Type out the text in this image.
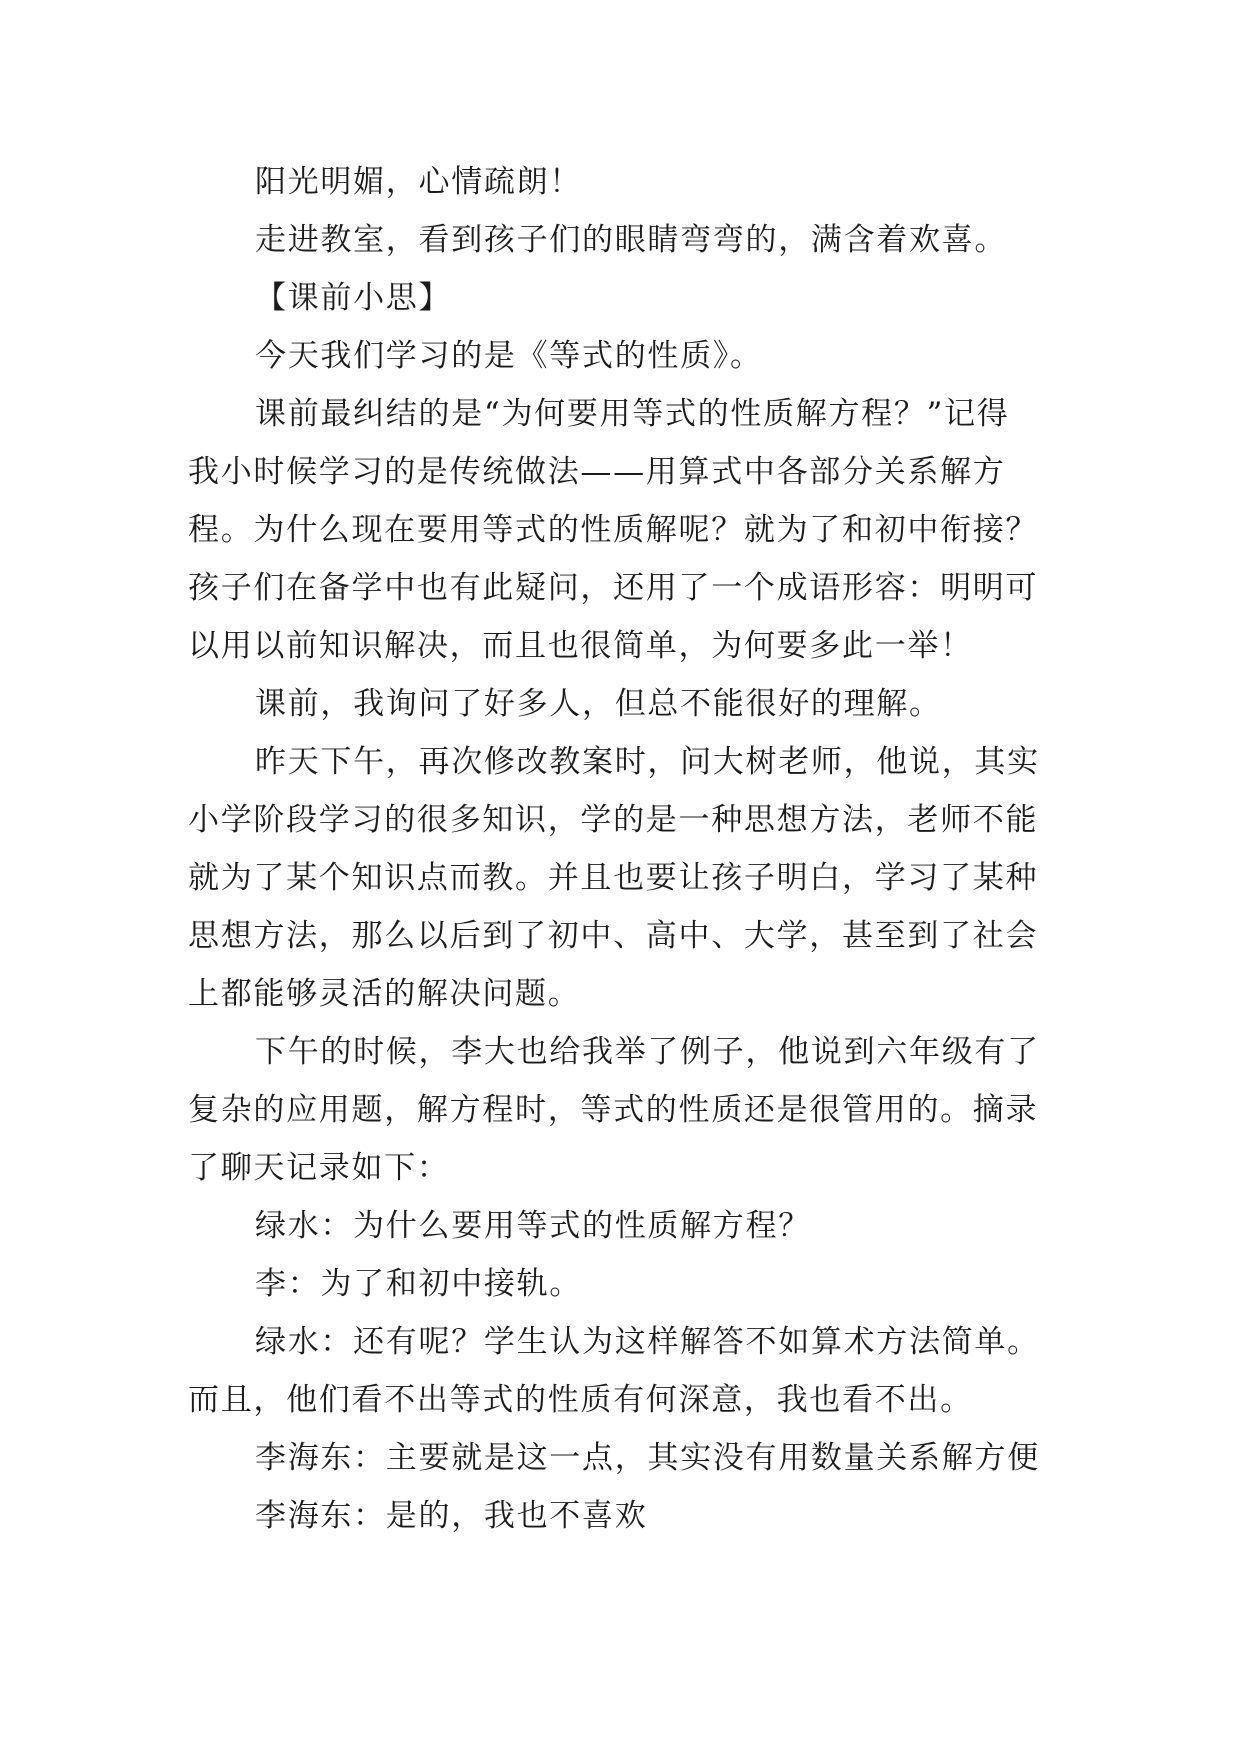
阳光明媚，心情疏朗！

走进教室，看到孩子们的眼睛弯弯的，满含着欢喜。

【课前小思】

今天我们学习的是《等式的性质》。

课前最纠结的是“为何要用等式的性质解方程？”记得
我小时候学习的是传统做法——用算式中各部分关系解方
程。为什么现在要用等式的性质解呢？就为了和初中衔接？
孩子们在备学中也有此疑问，还用了一个成语形容：明明可
以用以前知识解决，而且也很简单，为何要多此一举！

课前，我询问了好多人，但总不能很好的理解。

昨天下午，再次修改教案时，问大树老师，他说，其实
小学阶段学习的很多知识，学的是一种思想方法，老师不能
就为了某个知识点而教。并且也要让孩子明白，学习了某种
思想方法，那么以后到了初中、高中、大学，甚至到了社会
上都能够灵活的解决问题。

下午的时候，李大也给我举了例子，他说到六年级有了
复杂的应用题，解方程时，等式的性质还是很管用的。摘录
了聊天记录如下：

绿水：为什么要用等式的性质解方程？

李：为了和初中接轨。

绿水：还有呢？学生认为这样解答不如算术方法简单。
而且，他们看不出等式的性质有何深意，我也看不出。

李海东：主要就是这一点，其实没有用数量关系解方便

李海东：是的，我也不喜欢
